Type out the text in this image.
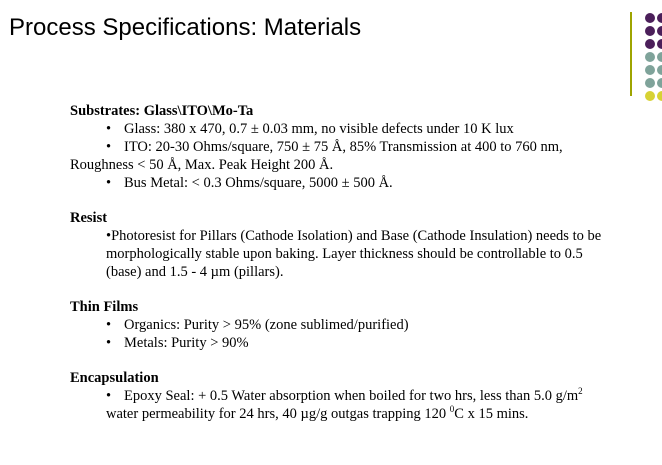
Process Specifications: Materials
Substrates: Glass\ITO\Mo-Ta
• Glass: 380 x 470, 0.7 ± 0.03 mm, no visible defects under 10 K lux
• ITO: 20-30 Ohms/square, 750 ± 75 Å, 85% Transmission at 400 to 760 nm,
Roughness < 50 Å, Max. Peak Height 200 Å.
• Bus Metal: < 0.3 Ohms/square, 5000 ± 500 Å.
Resist
•Photoresist for Pillars (Cathode Isolation) and Base (Cathode Insulation) needs to be
morphologically stable upon baking. Layer thickness should be controllable to 0.5
(base) and 1.5 - 4 µm (pillars).
Thin Films
• Organics: Purity > 95% (zone sublimed/purified)
• Metals: Purity > 90%
Encapsulation
• Epoxy Seal: + 0.5 Water absorption when boiled for two hrs, less than 5.0 $g/m^2$
water permeability for 24 hrs, 40 µg/g outgas trapping 120 $^0$C x 15 mins.
